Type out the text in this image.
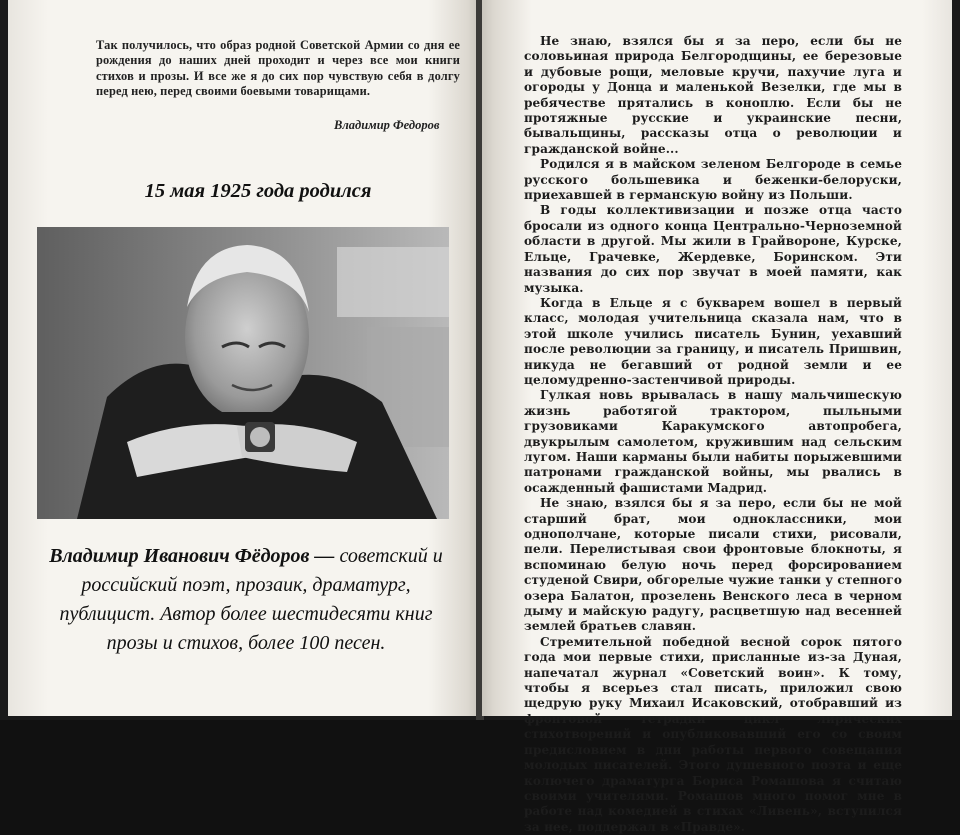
Так получилось, что образ родной Советской Армии со дня ее рождения до наших дней проходит и через все мои книги стихов и прозы. И все же я до сих пор чувствую себя в долгу перед нею, перед своими боевыми товарищами.
Владимир Федоров
15 мая 1925 года родился
Владимир Иванович Фёдоров — советский и российский поэт, прозаик, драматург, публицист. Автор более шестидесяти книг прозы и стихов, более 100 песен.

Не знаю, взялся бы я за перо, если бы не соловьиная природа Белгородщины, ее березовые и дубовые рощи, меловые кручи, пахучие луга и огороды у Донца и маленькой Везелки, где мы в ребячестве прятались в коноплю. Если бы не протяжные русские и украинские песни, бывальщины, рассказы отца о революции и гражданской войне...

Родился я в майском зеленом Белгороде в семье русского большевика и беженки-белоруски, приехавшей в германскую войну из Польши.

В годы коллективизации и позже отца часто бросали из одного конца Центрально-Черноземной области в другой. Мы жили в Грайвороне, Курске, Ельце, Грачевке, Жердевке, Боринском. Эти названия до сих пор звучат в моей памяти, как музыка.

Когда в Ельце я с букварем вошел в первый класс, молодая учительница сказала нам, что в этой школе учились писатель Бунин, уехавший после революции за границу, и писатель Пришвин, никуда не бегавший от родной земли и ее целомудренно-застенчивой природы.

Гулкая новь врывалась в нашу мальчишескую жизнь работягой трактором, пыльными грузовиками Каракумского автопробега, двукрылым самолетом, кружившим над сельским лугом. Наши карманы были набиты порыжевшими патронами гражданской войны, мы рвались в осажденный фашистами Мадрид.

Не знаю, взялся бы я за перо, если бы не мой старший брат, мои одноклассники, мои однополчане, которые писали стихи, рисовали, пели. Перелистывая свои фронтовые блокноты, я вспоминаю белую ночь перед форсированием студеной Свири, обгорелые чужие танки у степного озера Балатон, прозелень Венского леса в черном дыму и майскую радугу, расцветшую над весенней землей братьев славян.

Стремительной победной весной сорок пятого года мои первые стихи, присланные из-за Дуная, напечатал журнал «Советский воин». К тому, чтобы я всерьез стал писать, приложил свою щедрую руку Михаил Исаковский, отобравший из фронтовой тетрадки цикл лирических стихотворений и опубликовавший его со своим предисловием в дни работы первого совещания молодых писателей. Этого душевного поэта и еще колючего драматурга Бориса Ромашова я считаю своими учителями. Ромашов много помог мне в работе над комедией в стихах «Ливень», вступился за нее, поддержал в «Правде».
